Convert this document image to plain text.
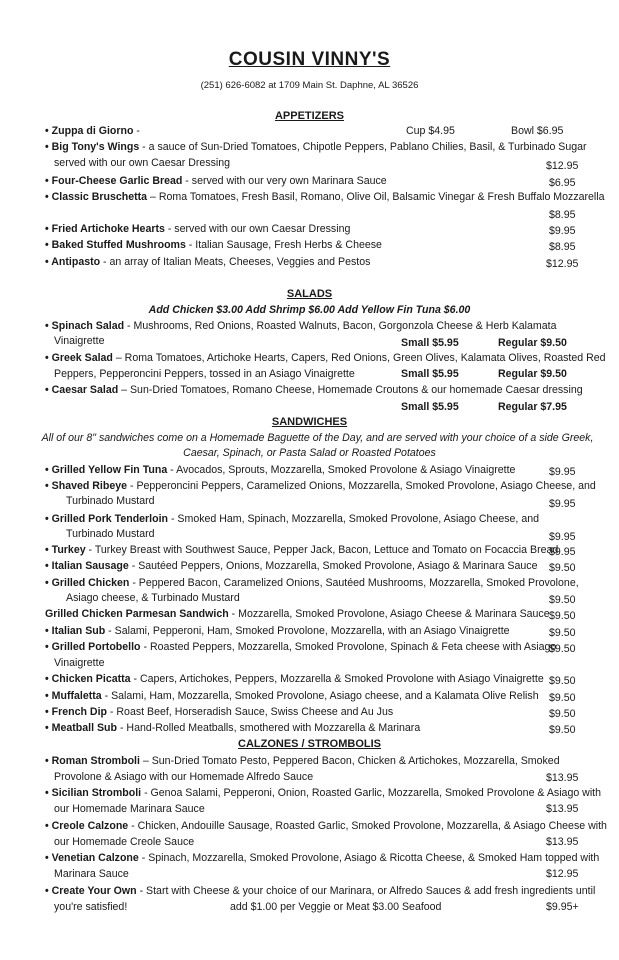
COUSIN VINNY'S
(251) 626-6082 at 1709 Main St. Daphne, AL 36526
APPETIZERS
• Zuppa di Giorno -	Cup $4.95	Bowl $6.95
• Big Tony's Wings - a sauce of Sun-Dried Tomatoes, Chipotle Peppers, Pablano Chilies, Basil, & Turbinado Sugar
served with our own Caesar Dressing	$12.95
• Four-Cheese Garlic Bread - served with our very own Marinara Sauce	$6.95
• Classic Bruschetta – Roma Tomatoes, Fresh Basil, Romano, Olive Oil, Balsamic Vinegar & Fresh Buffalo Mozzarella
$8.95
• Fried Artichoke Hearts - served with our own Caesar Dressing	$9.95
• Baked Stuffed Mushrooms - Italian Sausage, Fresh Herbs & Cheese	$8.95
• Antipasto - an array of Italian Meats, Cheeses, Veggies and Pestos	$12.95
SALADS
Add Chicken $3.00 Add Shrimp $6.00 Add Yellow Fin Tuna $6.00
• Spinach Salad - Mushrooms, Red Onions, Roasted Walnuts, Bacon, Gorgonzola Cheese & Herb Kalamata
Vinaigrette	Small $5.95	Regular $9.50
• Greek Salad – Roma Tomatoes, Artichoke Hearts, Capers, Red Onions, Green Olives, Kalamata Olives, Roasted Red
Peppers, Pepperoncini Peppers, tossed in an Asiago Vinaigrette	Small $5.95	Regular $9.50
• Caesar Salad – Sun-Dried Tomatoes, Romano Cheese, Homemade Croutons & our homemade Caesar dressing
Small $5.95	Regular $7.95
SANDWICHES
All of our 8" sandwiches come on a Homemade Baguette of the Day, and are served with your choice of a side Greek,
Caesar, Spinach, or Pasta Salad or Roasted Potatoes
• Grilled Yellow Fin Tuna - Avocados, Sprouts, Mozzarella, Smoked Provolone & Asiago Vinaigrette	$9.95
• Shaved Ribeye - Pepperoncini Peppers, Caramelized Onions, Mozzarella, Smoked Provolone, Asiago Cheese, and
Turbinado Mustard	$9.95
• Grilled Pork Tenderloin - Smoked Ham, Spinach, Mozzarella, Smoked Provolone, Asiago Cheese, and
Turbinado Mustard	$9.95
• Turkey - Turkey Breast with Southwest Sauce, Pepper Jack, Bacon, Lettuce and Tomato on Focaccia Bread
$9.95
• Italian Sausage - Sautéed Peppers, Onions, Mozzarella, Smoked Provolone, Asiago & Marinara Sauce	$9.50
• Grilled Chicken - Peppered Bacon, Caramelized Onions, Sautéed Mushrooms, Mozzarella, Smoked Provolone,
Asiago cheese, & Turbinado Mustard	$9.50
Grilled Chicken Parmesan Sandwich - Mozzarella, Smoked Provolone, Asiago Cheese & Marinara Sauce $9.50
• Italian Sub - Salami, Pepperoni, Ham, Smoked Provolone, Mozzarella, with an Asiago Vinaigrette	$9.50
• Grilled Portobello - Roasted Peppers, Mozzarella, Smoked Provolone, Spinach & Feta cheese with Asiago
Vinaigrette
$9.50
• Chicken Picatta - Capers, Artichokes, Peppers, Mozzarella & Smoked Provolone with Asiago Vinaigrette $9.50
• Muffaletta - Salami, Ham, Mozzarella, Smoked Provolone, Asiago cheese, and a Kalamata Olive Relish $9.50
• French Dip - Roast Beef, Horseradish Sauce, Swiss Cheese and Au Jus	$9.50
• Meatball Sub - Hand-Rolled Meatballs, smothered with Mozzarella & Marinara	$9.50
CALZONES / STROMBOLIS
• Roman Stromboli – Sun-Dried Tomato Pesto, Peppered Bacon, Chicken & Artichokes, Mozzarella, Smoked
Provolone & Asiago with our Homemade Alfredo Sauce	$13.95
• Sicilian Stromboli - Genoa Salami, Pepperoni, Onion, Roasted Garlic, Mozzarella, Smoked Provolone & Asiago with
our Homemade Marinara Sauce	$13.95
• Creole Calzone - Chicken, Andouille Sausage, Roasted Garlic, Smoked Provolone, Mozzarella, & Asiago Cheese with
our Homemade Creole Sauce	$13.95
• Venetian Calzone - Spinach, Mozzarella, Smoked Provolone, Asiago & Ricotta Cheese, & Smoked Ham topped with
Marinara Sauce	$12.95
• Create Your Own - Start with Cheese & your choice of our Marinara, or Alfredo Sauces & add fresh ingredients until
you're satisfied!	add $1.00 per Veggie or Meat $3.00 Seafood	$9.95+
